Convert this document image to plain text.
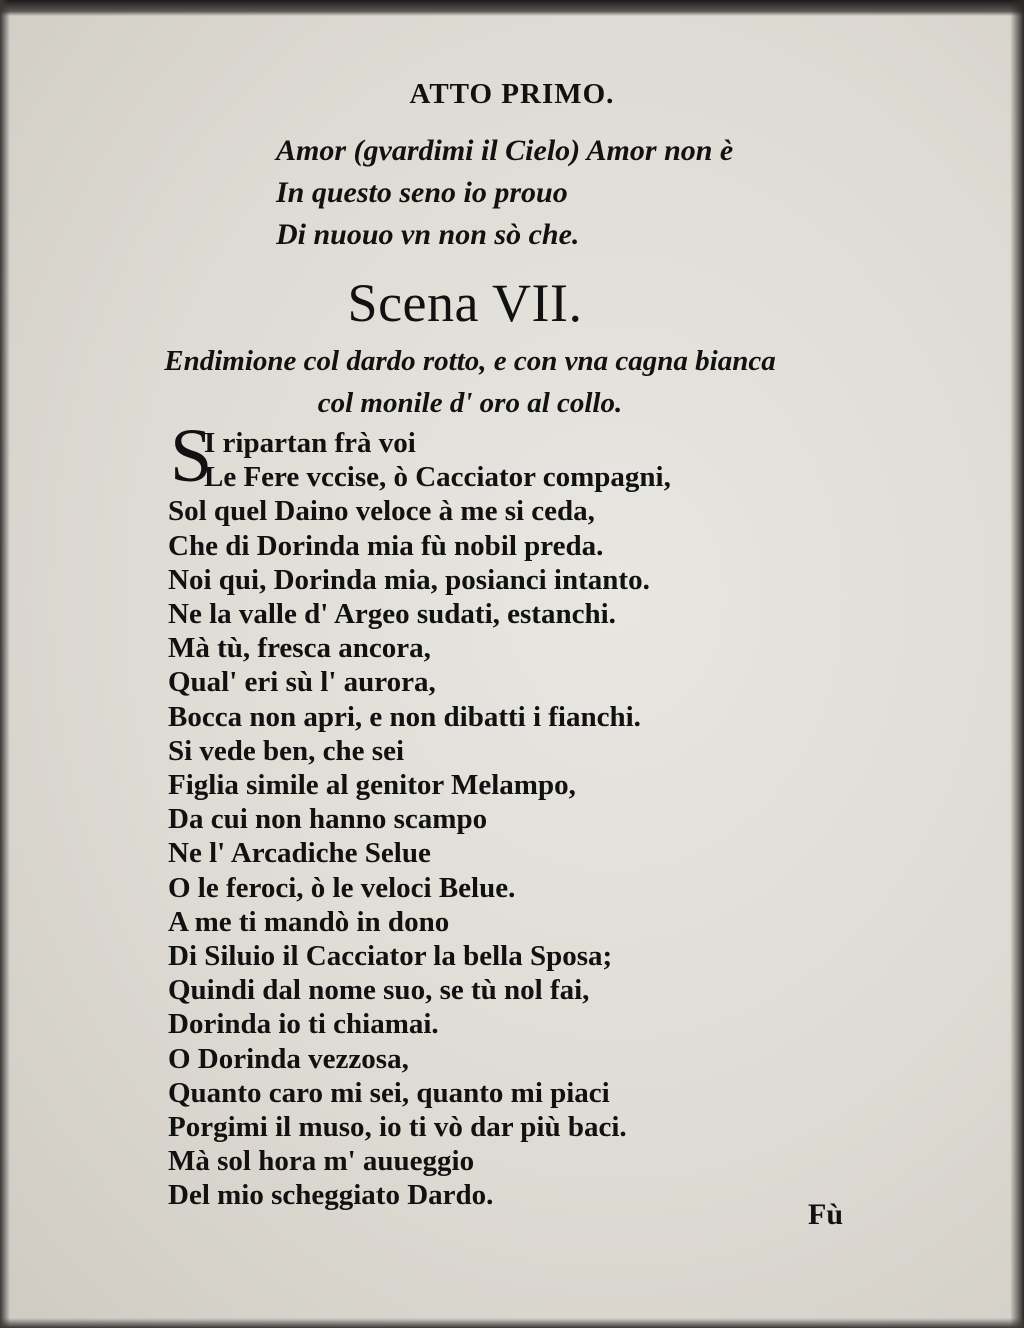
ATTO PRIMO.
Amor (gvardimi il Cielo) Amor non è
In questo seno io prouo
Di nuouo vn non sò che.
Scena VII.
Endimione col dardo rotto, e con vna cagna bianca
col monile d' oro al collo.
S
I ripartan frà voi
Le Fere vccise, ò Cacciator compagni,
Sol quel Daino veloce à me si ceda,
Che di Dorinda mia fù nobil preda.
Noi qui, Dorinda mia, posianci intanto.
Ne la valle d' Argeo sudati, estanchi.
Mà tù, fresca ancora,
Qual' eri sù l' aurora,
Bocca non apri, e non dibatti i fianchi.
Si vede ben, che sei
Figlia simile al genitor Melampo,
Da cui non hanno scampo
Ne l' Arcadiche Selue
O le feroci, ò le veloci Belue.
A me ti mandò in dono
Di Siluio il Cacciator la bella Sposa;
Quindi dal nome suo, se tù nol fai,
Dorinda io ti chiamai.
O Dorinda vezzosa,
Quanto caro mi sei, quanto mi piaci
Porgimi il muso, io ti vò dar più baci.
Mà sol hora m' auueggio
Del mio scheggiato Dardo.
Fù
